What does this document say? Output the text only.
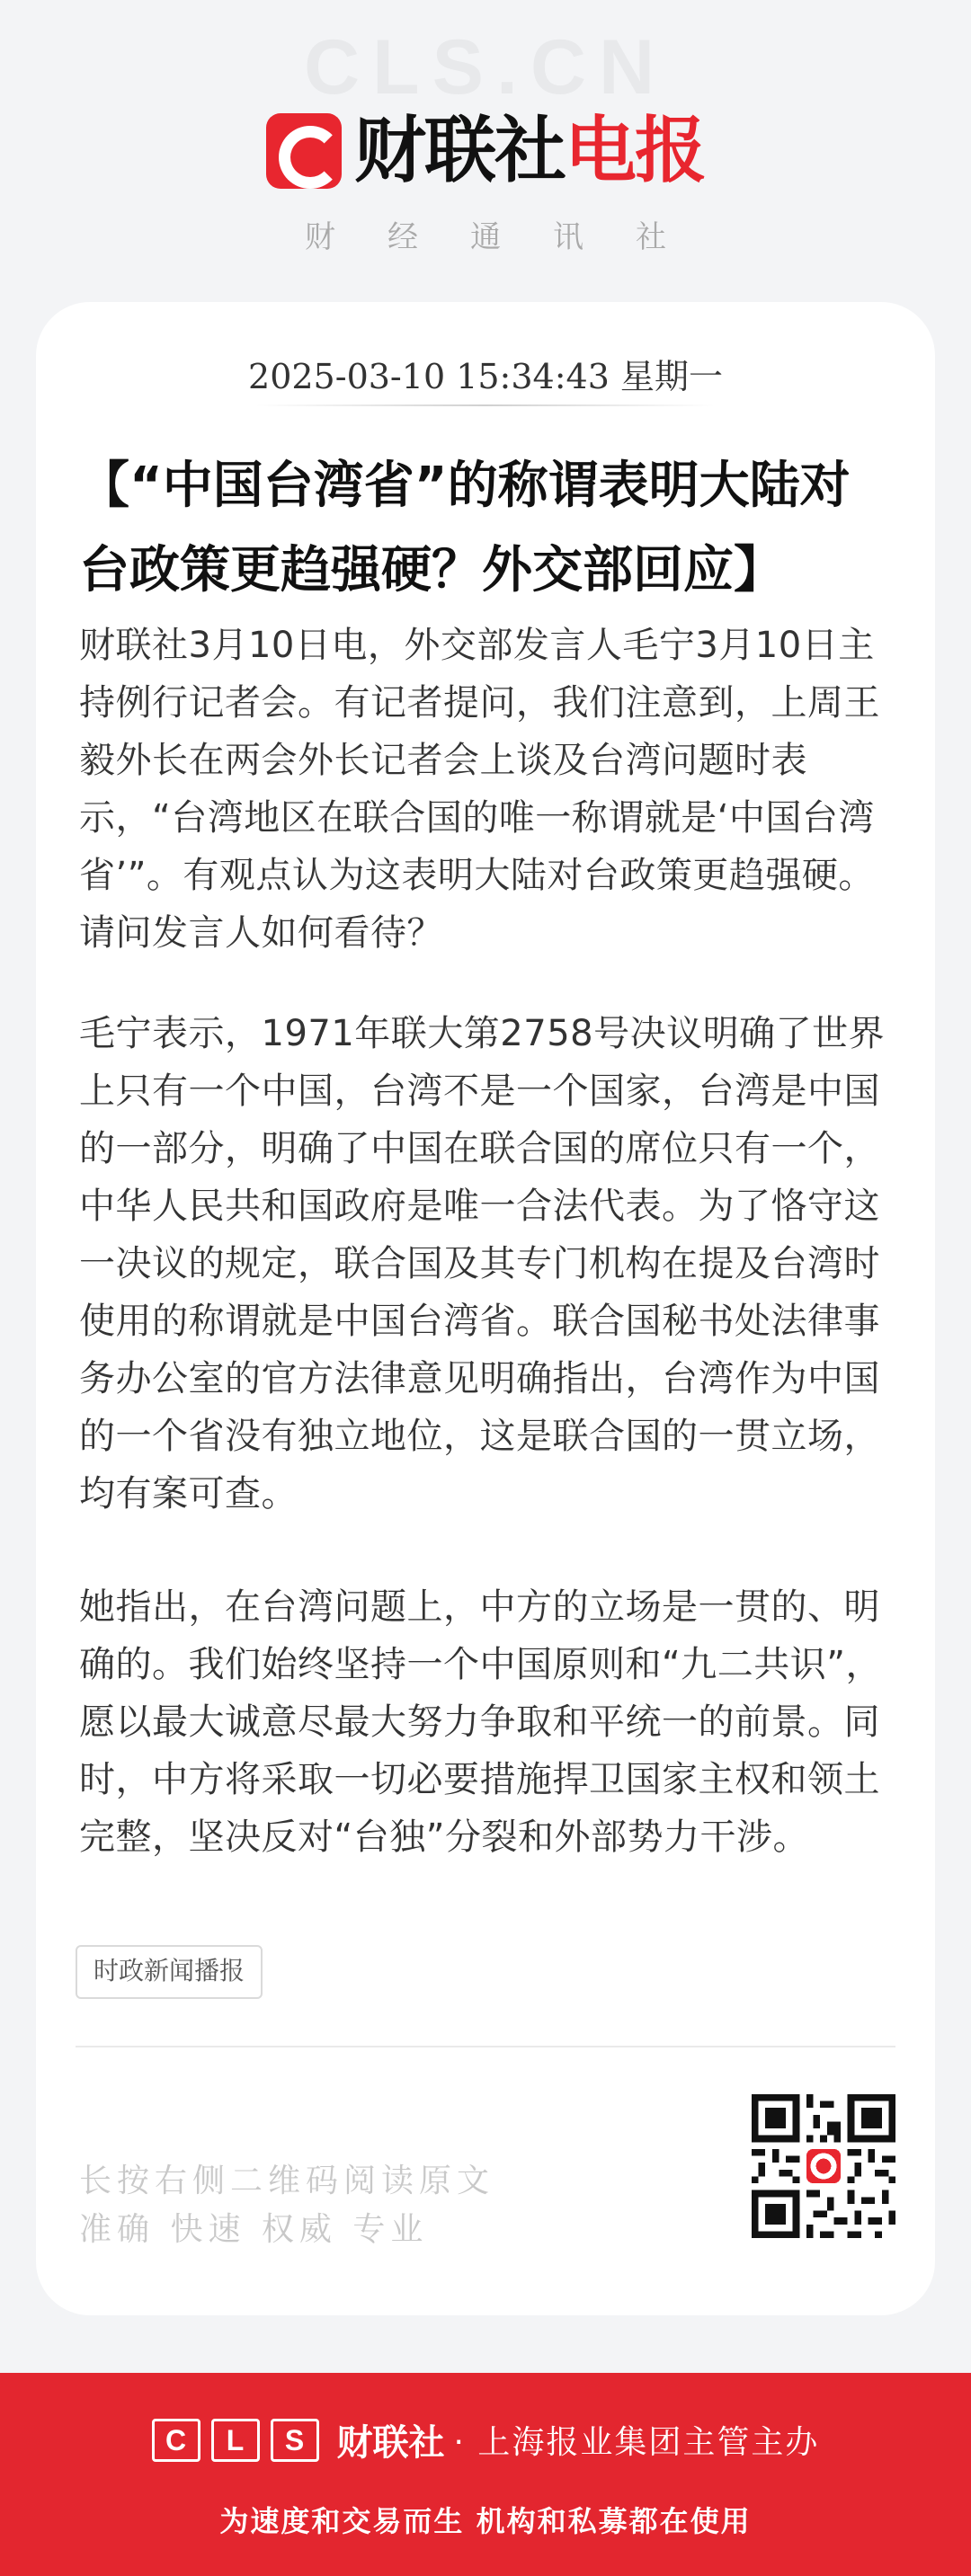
财联社电报
财经通讯社
2025-03-10 15:34:43 星期一
【“中国台湾省”的称谓表明大陆对台政策更趋强硬？外交部回应】

财联社3月10日电，外交部发言人毛宁3月10日主持例行记者会。有记者提问，我们注意到，上周王毅外长在两会外长记者会上谈及台湾问题时表示，“台湾地区在联合国的唯一称谓就是‘中国台湾省’”。有观点认为这表明大陆对台政策更趋强硬。请问发言人如何看待？

毛宁表示，1971年联大第2758号决议明确了世界上只有一个中国，台湾不是一个国家，台湾是中国的一部分，明确了中国在联合国的席位只有一个，中华人民共和国政府是唯一合法代表。为了恪守这一决议的规定，联合国及其专门机构在提及台湾时使用的称谓就是中国台湾省。联合国秘书处法律事务办公室的官方法律意见明确指出，台湾作为中国的一个省没有独立地位，这是联合国的一贯立场，均有案可查。

她指出，在台湾问题上，中方的立场是一贯的、明确的。我们始终坚持一个中国原则和“九二共识”，愿以最大诚意尽最大努力争取和平统一的前景。同时，中方将采取一切必要措施捍卫国家主权和领土完整，坚决反对“台独”分裂和外部势力干涉。

时政新闻播报
长按右侧二维码阅读原文
准确 快速 权威 专业
C	L	S 财联社 · 上海报业集团主管主办
为速度和交易而生 机构和私募都在使用
